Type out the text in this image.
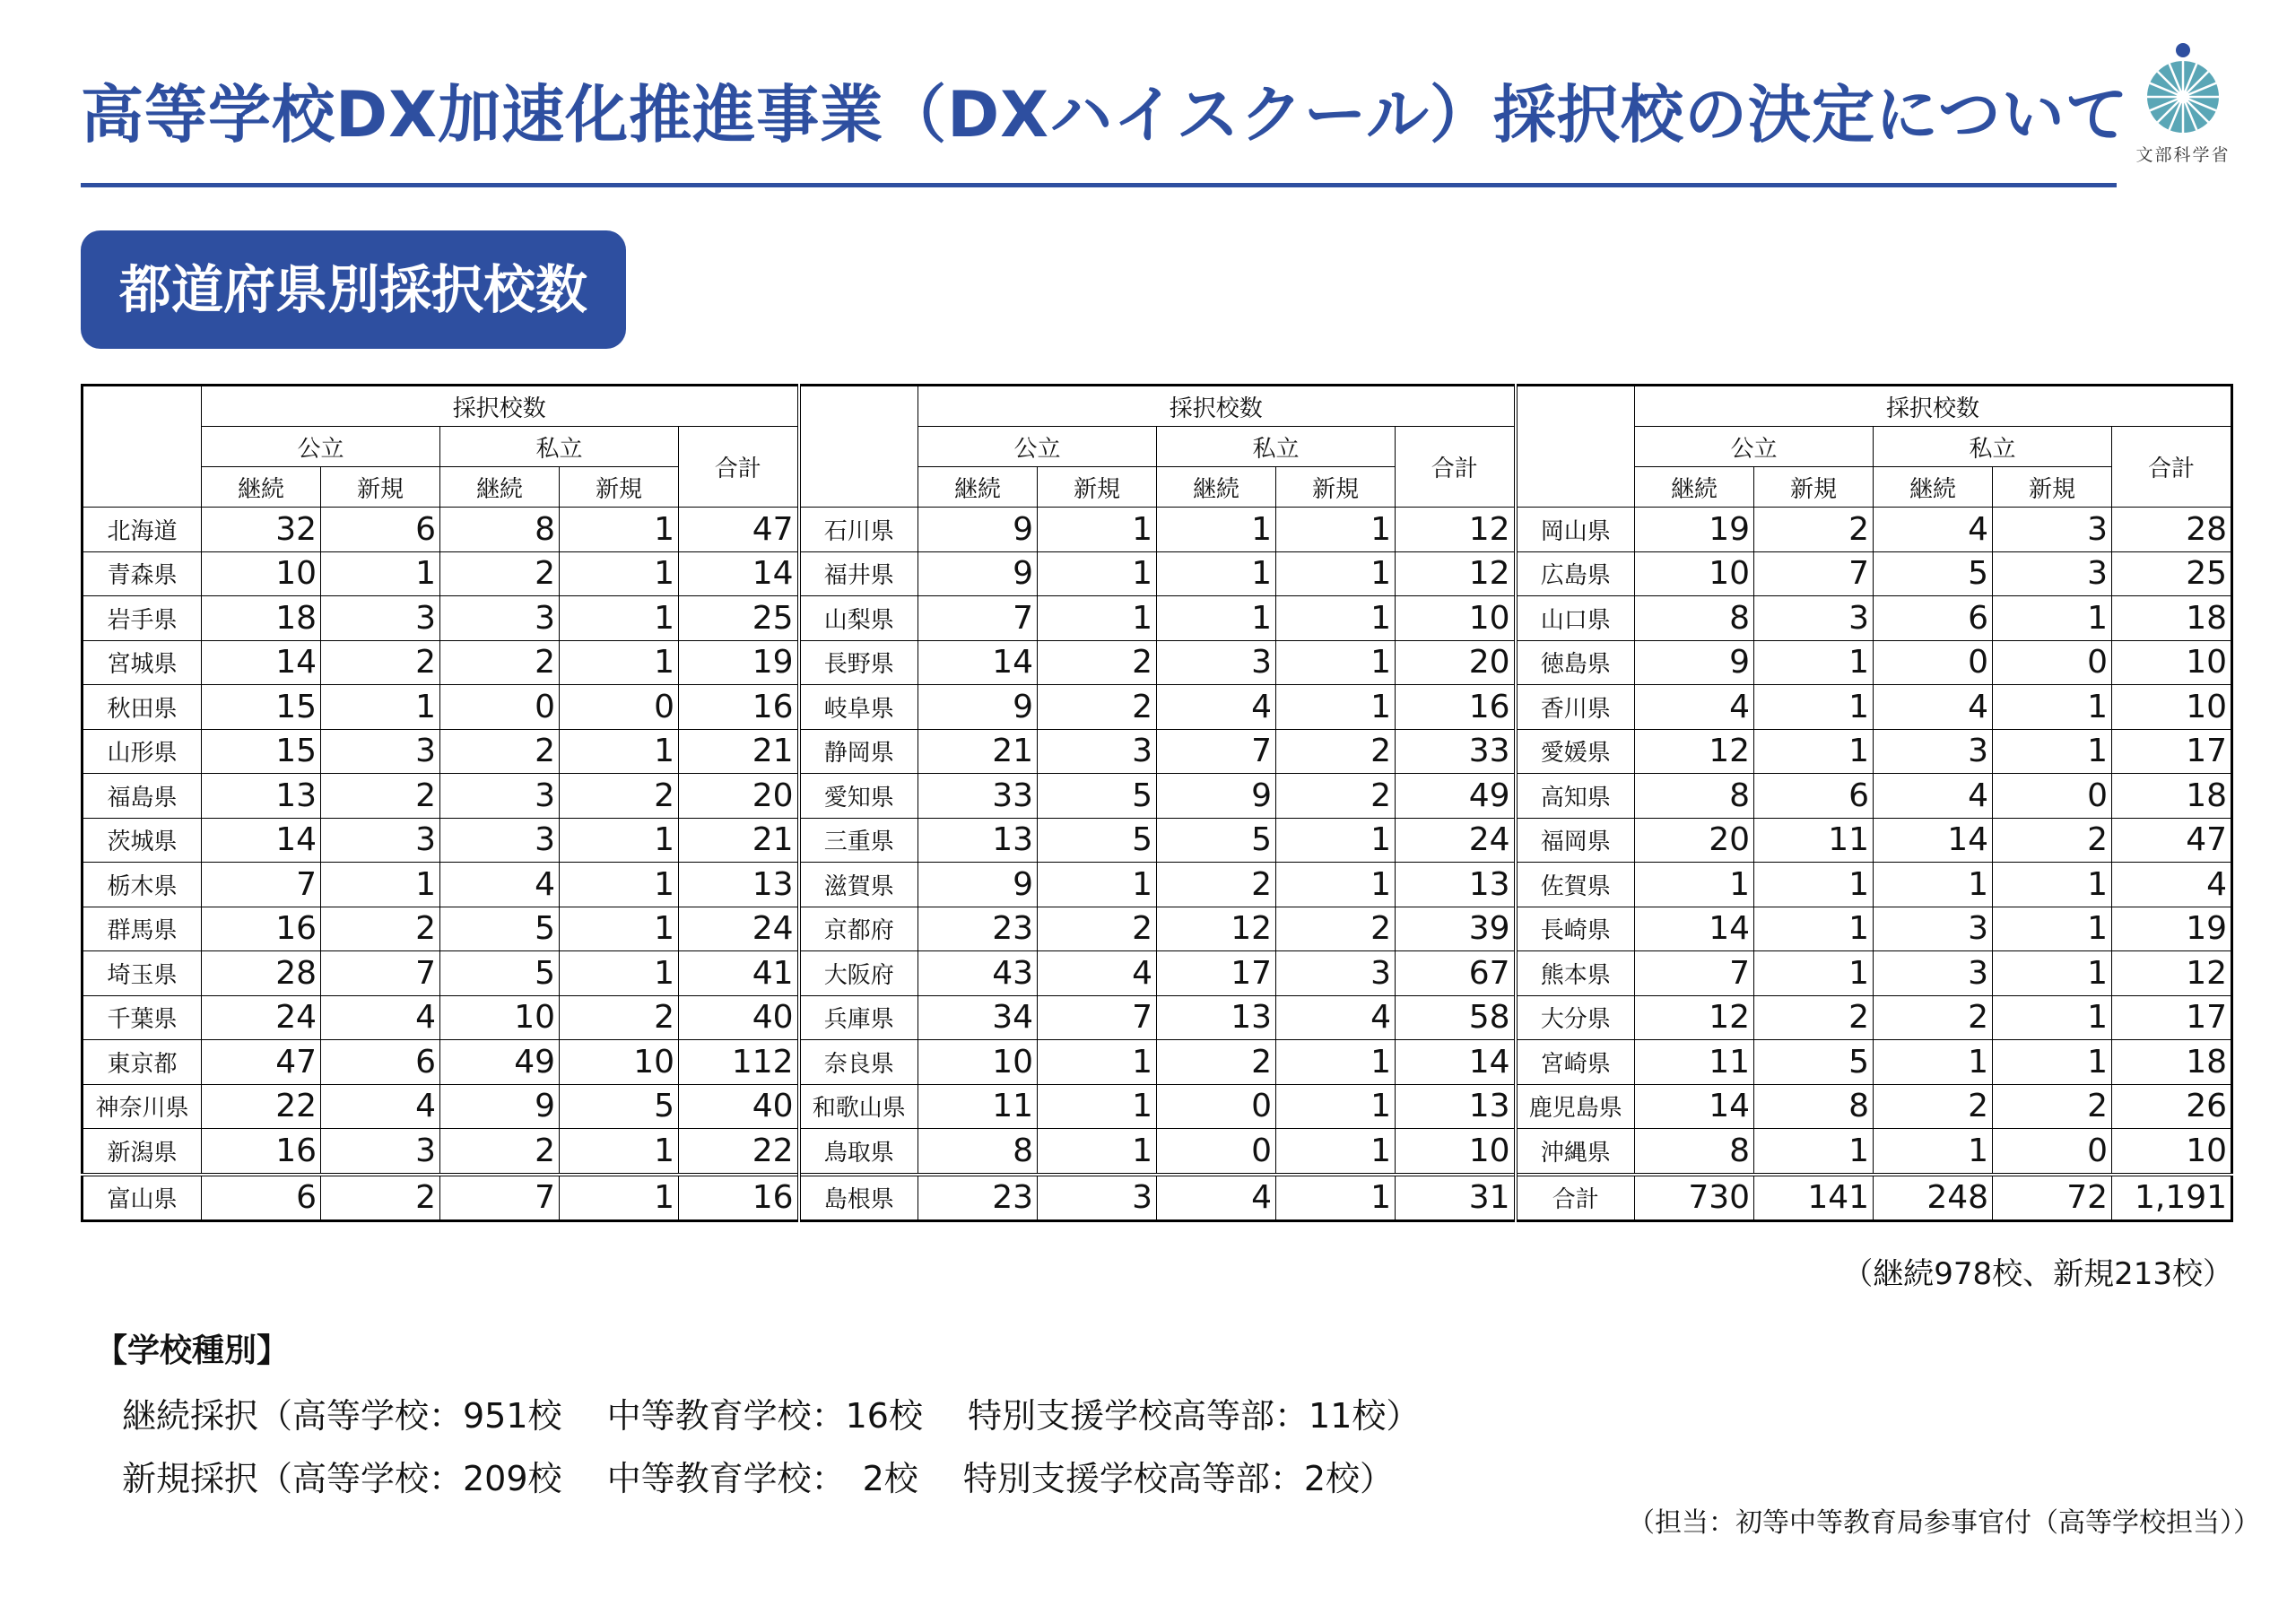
高等学校DX加速化推進事業（DXハイスクール）採択校の決定について
文部科学省
都道府県別採択校数
	採択校数						採択校数						採択校数				
	公立		私立		合計		公立		私立		合計		公立		私立		合計
	継続	新規	継続	新規			継続	新規	継続	新規			継続	新規	継続	新規	
北海道	32	6	8	1	47	石川県	9	1	1	1	12	岡山県	19	2	4	3	28
青森県	10	1	2	1	14	福井県	9	1	1	1	12	広島県	10	7	5	3	25
岩手県	18	3	3	1	25	山梨県	7	1	1	1	10	山口県	8	3	6	1	18
宮城県	14	2	2	1	19	長野県	14	2	3	1	20	徳島県	9	1	0	0	10
秋田県	15	1	0	0	16	岐阜県	9	2	4	1	16	香川県	4	1	4	1	10
山形県	15	3	2	1	21	静岡県	21	3	7	2	33	愛媛県	12	1	3	1	17
福島県	13	2	3	2	20	愛知県	33	5	9	2	49	高知県	8	6	4	0	18
茨城県	14	3	3	1	21	三重県	13	5	5	1	24	福岡県	20	11	14	2	47
栃木県	7	1	4	1	13	滋賀県	9	1	2	1	13	佐賀県	1	1	1	1	4
群馬県	16	2	5	1	24	京都府	23	2	12	2	39	長崎県	14	1	3	1	19
埼玉県	28	7	5	1	41	大阪府	43	4	17	3	67	熊本県	7	1	3	1	12
千葉県	24	4	10	2	40	兵庫県	34	7	13	4	58	大分県	12	2	2	1	17
東京都	47	6	49	10	112	奈良県	10	1	2	1	14	宮崎県	11	5	1	1	18
神奈川県	22	4	9	5	40	和歌山県	11	1	0	1	13	鹿児島県	14	8	2	2	26
新潟県	16	3	2	1	22	鳥取県	8	1	0	1	10	沖縄県	8	1	1	0	10
富山県	6	2	7	1	16	島根県	23	3	4	1	31	合計	730	141	248	72	1,191
（継続978校、新規213校）
【学校種別】
継続採択（高等学校：951校　 中等教育学校：16校　 特別支援学校高等部：11校）
新規採択（高等学校：209校　 中等教育学校：　2校　 特別支援学校高等部：2校）
（担当：初等中等教育局参事官付（高等学校担当））
